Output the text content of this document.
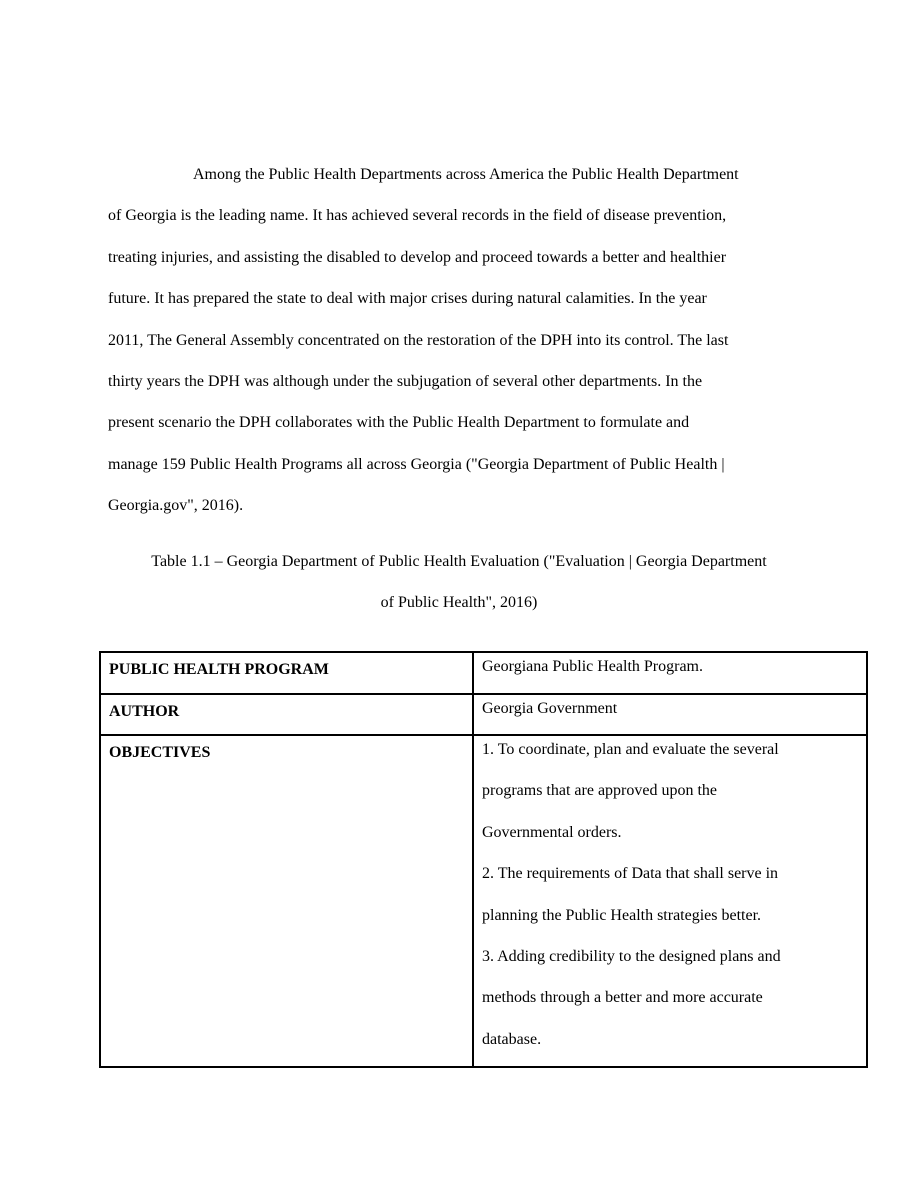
Among the Public Health Departments across America the Public Health Department
of Georgia is the leading name. It has achieved several records in the field of disease prevention,
treating injuries, and assisting the disabled to develop and proceed towards a better and healthier
future. It has prepared the state to deal with major crises during natural calamities. In the year
2011, The General Assembly concentrated on the restoration of the DPH into its control. The last
thirty years the DPH was although under the subjugation of several other departments. In the
present scenario the DPH collaborates with the Public Health Department to formulate and
manage 159 Public Health Programs all across Georgia ("Georgia Department of Public Health |
Georgia.gov", 2016).
Table 1.1 – Georgia Department of Public Health Evaluation ("Evaluation | Georgia Department
of Public Health", 2016)
PUBLIC HEALTH PROGRAM	Georgiana Public Health Program.

AUTHOR	Georgia Government

OBJECTIVES	1. To coordinate, plan and evaluate the several
programs that are approved upon the
Governmental orders.
2. The requirements of Data that shall serve in
planning the Public Health strategies better.
3. Adding credibility to the designed plans and
methods through a better and more accurate
database.
